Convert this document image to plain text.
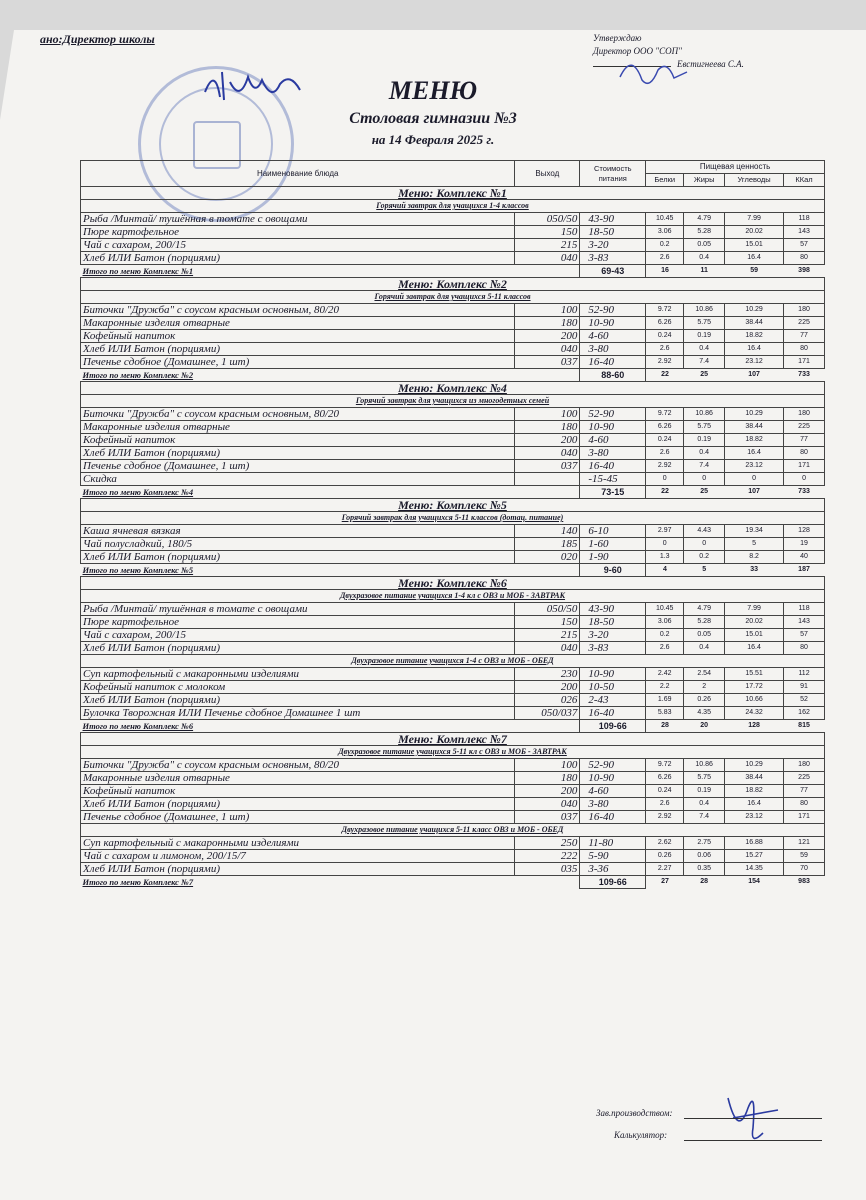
ано:Директор школы	Утверждаю
Директор ООО "СОП"
Евстигнеева С.А.
МЕНЮ
Столовая гимназии №3
на 14 Февраля 2025 г.
Наименование блюда	Выход	Стоимость питания	Пищевая ценность			
			Белки	Жиры	Углеводы	ККал
Меню: Комплекс №1						
Горячий завтрак для учащихся 1-4 классов						
Рыба /Минтай/ тушённая в томате с овощами	050/50	43-90	10.45	4.79	7.99	118
Пюре картофельное	150	18-50	3.06	5.28	20.02	143
Чай с сахаром, 200/15	215	3-20	0.2	0.05	15.01	57
Хлеб ИЛИ Батон (порциями)	040	3-83	2.6	0.4	16.4	80
Итого по меню Комплекс №1		69-43	16	11	59	398
Меню: Комплекс №2						
Горячий завтрак для учащихся 5-11 классов						
Биточки "Дружба" с соусом красным основным, 80/20	100	52-90	9.72	10.86	10.29	180
Макаронные изделия отварные	180	10-90	6.26	5.75	38.44	225
Кофейный напиток	200	4-60	0.24	0.19	18.82	77
Хлеб ИЛИ Батон (порциями)	040	3-80	2.6	0.4	16.4	80
Печенье сдобное (Домашнее, 1 шт)	037	16-40	2.92	7.4	23.12	171
Итого по меню Комплекс №2		88-60	22	25	107	733
Меню: Комплекс №4						
Горячий завтрак для учащихся из многодетных семей						
Биточки "Дружба" с соусом красным основным, 80/20	100	52-90	9.72	10.86	10.29	180
Макаронные изделия отварные	180	10-90	6.26	5.75	38.44	225
Кофейный напиток	200	4-60	0.24	0.19	18.82	77
Хлеб ИЛИ Батон (порциями)	040	3-80	2.6	0.4	16.4	80
Печенье сдобное (Домашнее, 1 шт)	037	16-40	2.92	7.4	23.12	171
Скидка		-15-45	0	0	0	0
Итого по меню Комплекс №4		73-15	22	25	107	733
Меню: Комплекс №5						
Горячий завтрак для учащихся 5-11 классов (дотац. питание)						
Каша ячневая вязкая	140	6-10	2.97	4.43	19.34	128
Чай полусладкий, 180/5	185	1-60	0	0	5	19
Хлеб ИЛИ Батон (порциями)	020	1-90	1.3	0.2	8.2	40
Итого по меню Комплекс №5		9-60	4	5	33	187
Меню: Комплекс №6						
Двухразовое питание учащихся 1-4 кл с ОВЗ и МОБ - ЗАВТРАК						
Рыба /Минтай/ тушённая в томате с овощами	050/50	43-90	10.45	4.79	7.99	118
Пюре картофельное	150	18-50	3.06	5.28	20.02	143
Чай с сахаром, 200/15	215	3-20	0.2	0.05	15.01	57
Хлеб ИЛИ Батон (порциями)	040	3-83	2.6	0.4	16.4	80
Двухразовое питание учащихся 1-4 с ОВЗ и МОБ - ОБЕД						
Суп картофельный с макаронными изделиями	230	10-90	2.42	2.54	15.51	112
Кофейный напиток с молоком	200	10-50	2.2	2	17.72	91
Хлеб ИЛИ Батон (порциями)	026	2-43	1.69	0.26	10.66	52
Булочка Творожная ИЛИ Печенье сдобное Домашнее 1 шт	050/037	16-40	5.83	4.35	24.32	162
Итого по меню Комплекс №6		109-66	28	20	128	815
Меню: Комплекс №7						
Двухразовое питание учащихся 5-11 кл с ОВЗ и МОБ - ЗАВТРАК						
Биточки "Дружба" с соусом красным основным, 80/20	100	52-90	9.72	10.86	10.29	180
Макаронные изделия отварные	180	10-90	6.26	5.75	38.44	225
Кофейный напиток	200	4-60	0.24	0.19	18.82	77
Хлеб ИЛИ Батон (порциями)	040	3-80	2.6	0.4	16.4	80
Печенье сдобное (Домашнее, 1 шт)	037	16-40	2.92	7.4	23.12	171
Двухразовое питание учащихся 5-11 класс ОВЗ и МОБ - ОБЕД						
Суп картофельный с макаронными изделиями	250	11-80	2.62	2.75	16.88	121
Чай с сахаром и лимоном, 200/15/7	222	5-90	0.26	0.06	15.27	59
Хлеб ИЛИ Батон (порциями)	035	3-36	2.27	0.35	14.35	70
Итого по меню Комплекс №7		109-66	27	28	154	983
Зав.производством:
Калькулятор:
